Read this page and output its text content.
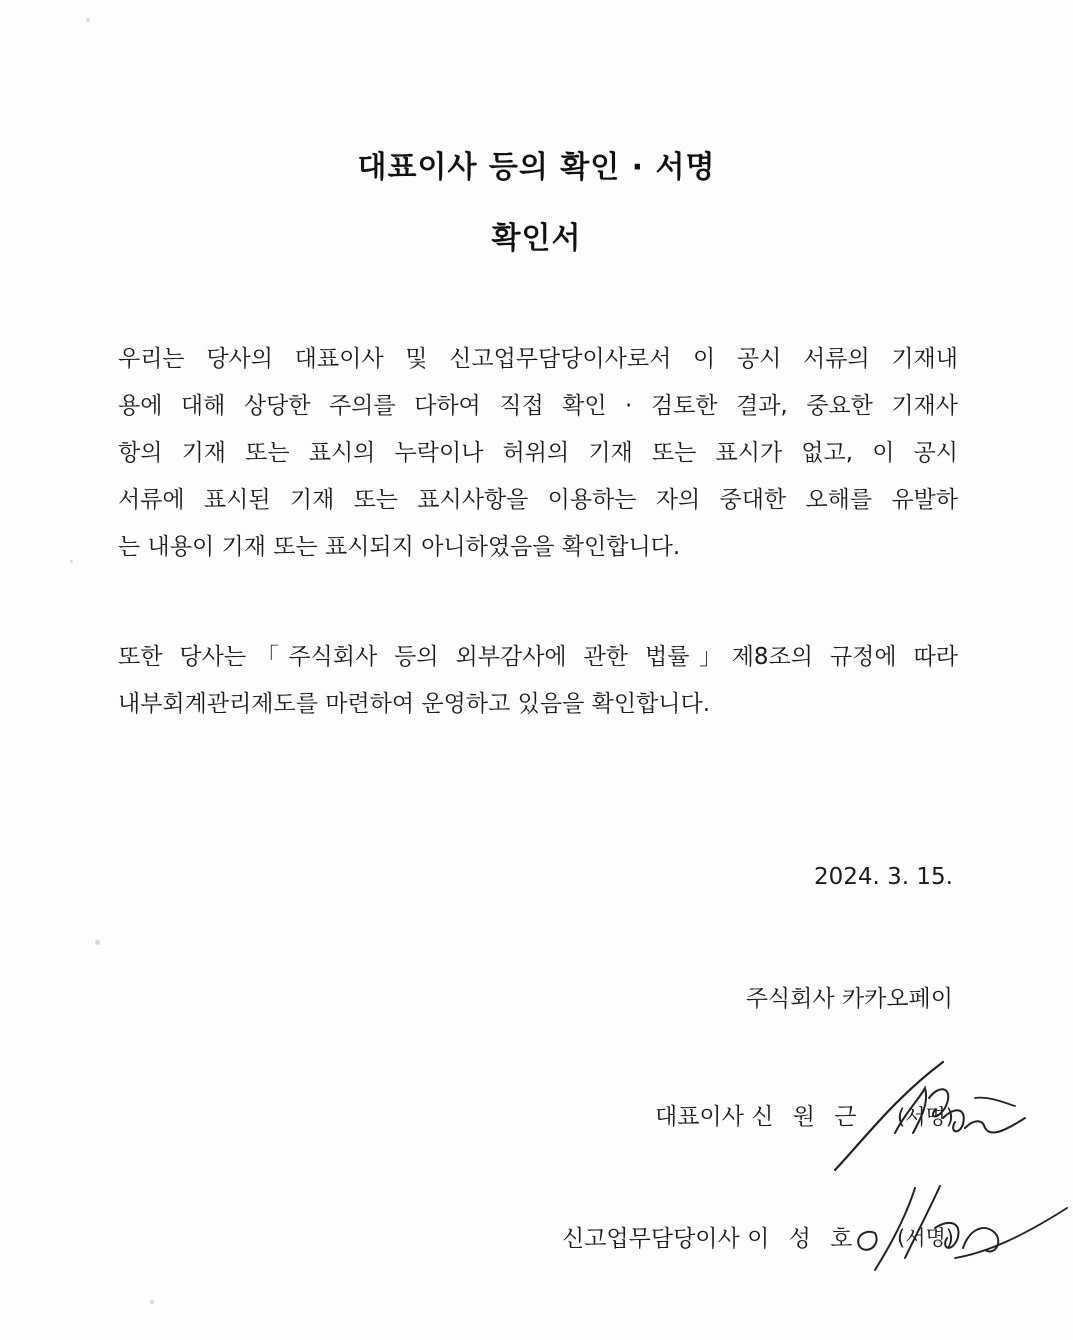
대표이사 등의 확인 · 서명
확인서
우리는 당사의 대표이사 및 신고업무담당이사로서 이 공시 서류의 기재내
용에 대해 상당한 주의를 다하여 직접 확인 · 검토한 결과, 중요한 기재사
항의 기재 또는 표시의 누락이나 허위의 기재 또는 표시가 없고, 이 공시
서류에 표시된 기재 또는 표시사항을 이용하는 자의 중대한 오해를 유발하
는 내용이 기재 또는 표시되지 아니하였음을 확인합니다.
또한 당사는「주식회사 등의 외부감사에 관한 법률」제8조의 규정에 따라
내부회계관리제도를 마련하여 운영하고 있음을 확인합니다.
2024. 3. 15.
주식회사 카카오페이
대표이사 신 원 근 (서명)
신고업무담당이사 이 성 호 (서명)
